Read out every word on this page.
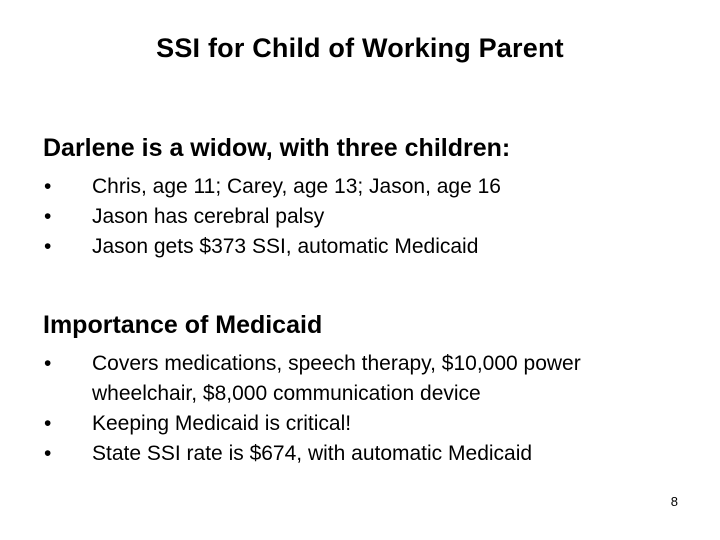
SSI for Child of Working Parent
Darlene is a widow, with three children:
•	Chris, age 11; Carey, age 13; Jason, age 16
•	Jason has cerebral palsy
•	Jason gets $373 SSI, automatic Medicaid
Importance of Medicaid
•	Covers medications, speech therapy, $10,000 power
wheelchair, $8,000 communication device
•	Keeping Medicaid is critical!
•	State SSI rate is $674, with automatic Medicaid
8
